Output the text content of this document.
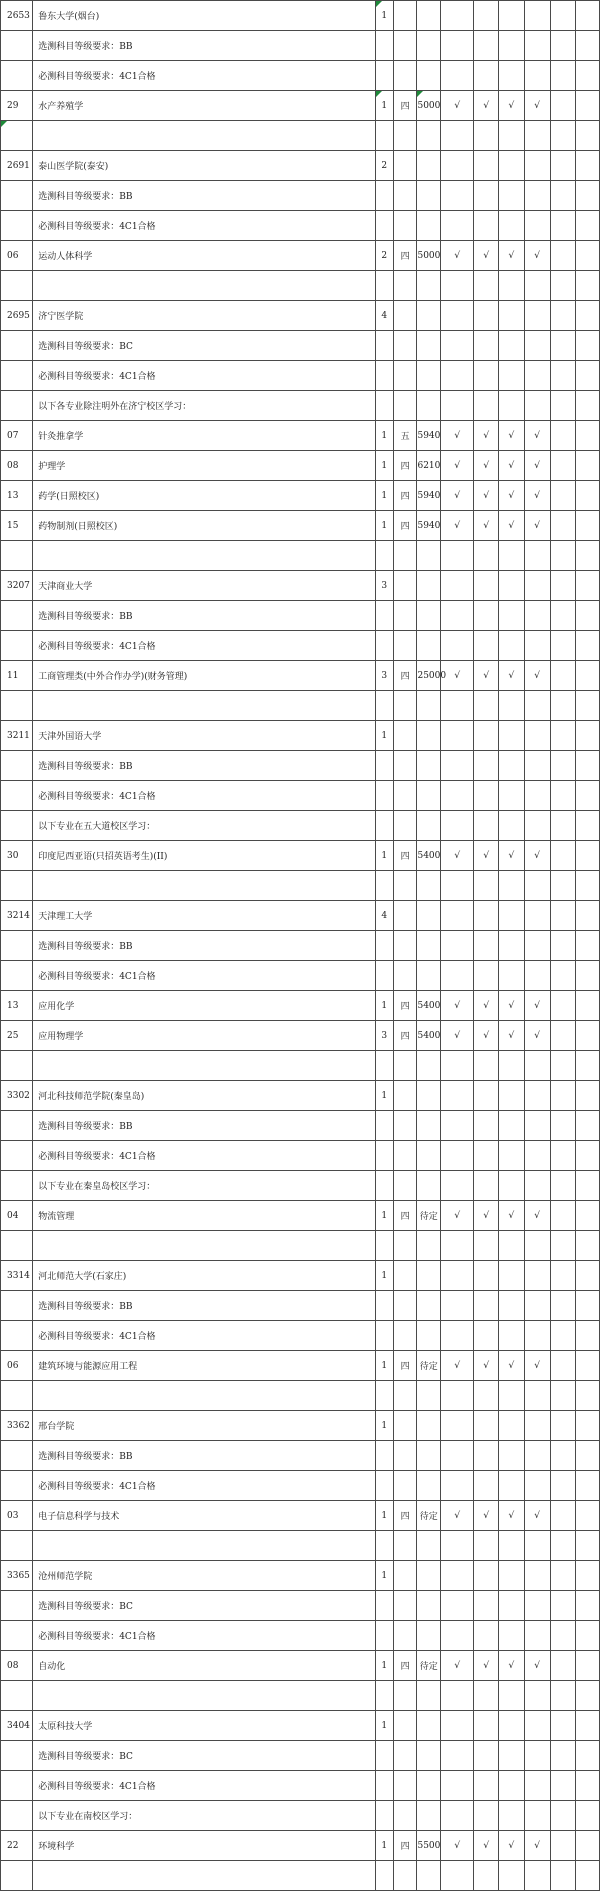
2653	鲁东大学(烟台)	1								
	选测科目等级要求：BB									
	必测科目等级要求：4C1合格									
29	水产养殖学	1	四	5000	√	√	√	√		

2691	泰山医学院(泰安)	2								
	选测科目等级要求：BB									
	必测科目等级要求：4C1合格									
06	运动人体科学	2	四	5000	√	√	√	√		

2695	济宁医学院	4								
	选测科目等级要求：BC									
	必测科目等级要求：4C1合格									
	以下各专业除注明外在济宁校区学习：									
07	针灸推拿学	1	五	5940	√	√	√	√		
08	护理学	1	四	6210	√	√	√	√		
13	药学(日照校区)	1	四	5940	√	√	√	√		
15	药物制剂(日照校区)	1	四	5940	√	√	√	√		

3207	天津商业大学	3								
	选测科目等级要求：BB									
	必测科目等级要求：4C1合格									
11	工商管理类(中外合作办学)(财务管理)	3	四	25000	√	√	√	√		

3211	天津外国语大学	1								
	选测科目等级要求：BB									
	必测科目等级要求：4C1合格									
	以下专业在五大道校区学习：									
30	印度尼西亚语(只招英语考生)(II)	1	四	5400	√	√	√	√		

3214	天津理工大学	4								
	选测科目等级要求：BB									
	必测科目等级要求：4C1合格									
13	应用化学	1	四	5400	√	√	√	√		
25	应用物理学	3	四	5400	√	√	√	√		

3302	河北科技师范学院(秦皇岛)	1								
	选测科目等级要求：BB									
	必测科目等级要求：4C1合格									
	以下专业在秦皇岛校区学习：									
04	物流管理	1	四	待定	√	√	√	√		

3314	河北师范大学(石家庄)	1								
	选测科目等级要求：BB									
	必测科目等级要求：4C1合格									
06	建筑环境与能源应用工程	1	四	待定	√	√	√	√		

3362	邢台学院	1								
	选测科目等级要求：BB									
	必测科目等级要求：4C1合格									
03	电子信息科学与技术	1	四	待定	√	√	√	√		

3365	沧州师范学院	1								
	选测科目等级要求：BC									
	必测科目等级要求：4C1合格									
08	自动化	1	四	待定	√	√	√	√		

3404	太原科技大学	1								
	选测科目等级要求：BC									
	必测科目等级要求：4C1合格									
	以下专业在南校区学习：									
22	环境科学	1	四	5500	√	√	√	√		
